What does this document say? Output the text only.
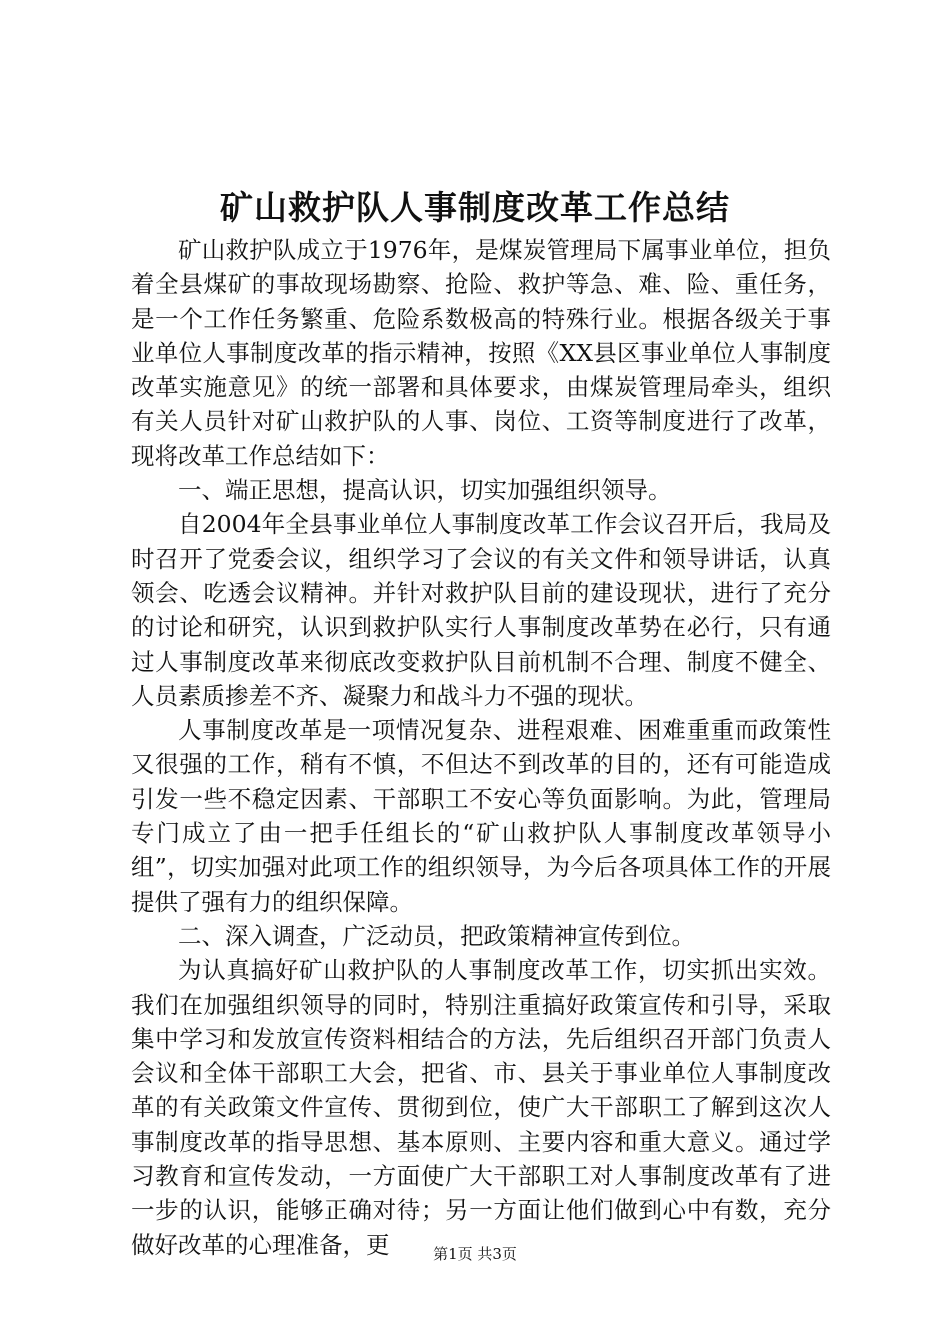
矿山救护队人事制度改革工作总结

矿山救护队成立于1976年，是煤炭管理局下属事业单位，担负着全县煤矿的事故现场勘察、抢险、救护等急、难、险、重任务，是一个工作任务繁重、危险系数极高的特殊行业。根据各级关于事业单位人事制度改革的指示精神，按照《XX县区事业单位人事制度改革实施意见》的统一部署和具体要求，由煤炭管理局牵头，组织有关人员针对矿山救护队的人事、岗位、工资等制度进行了改革，现将改革工作总结如下：

一、端正思想，提高认识，切实加强组织领导。

自2004年全县事业单位人事制度改革工作会议召开后，我局及时召开了党委会议，组织学习了会议的有关文件和领导讲话，认真领会、吃透会议精神。并针对救护队目前的建设现状，进行了充分的讨论和研究，认识到救护队实行人事制度改革势在必行，只有通过人事制度改革来彻底改变救护队目前机制不合理、制度不健全、人员素质掺差不齐、凝聚力和战斗力不强的现状。

人事制度改革是一项情况复杂、进程艰难、困难重重而政策性又很强的工作，稍有不慎，不但达不到改革的目的，还有可能造成引发一些不稳定因素、干部职工不安心等负面影响。为此，管理局专门成立了由一把手任组长的“矿山救护队人事制度改革领导小组”，切实加强对此项工作的组织领导，为今后各项具体工作的开展提供了强有力的组织保障。

二、深入调查，广泛动员，把政策精神宣传到位。

为认真搞好矿山救护队的人事制度改革工作，切实抓出实效。我们在加强组织领导的同时，特别注重搞好政策宣传和引导，采取集中学习和发放宣传资料相结合的方法，先后组织召开部门负责人会议和全体干部职工大会，把省、市、县关于事业单位人事制度改革的有关政策文件宣传、贯彻到位，使广大干部职工了解到这次人事制度改革的指导思想、基本原则、主要内容和重大意义。通过学习教育和宣传发动，一方面使广大干部职工对人事制度改革有了进一步的认识，能够正确对待；另一方面让他们做到心中有数，充分做好改革的心理准备，更	第1页 共3页
